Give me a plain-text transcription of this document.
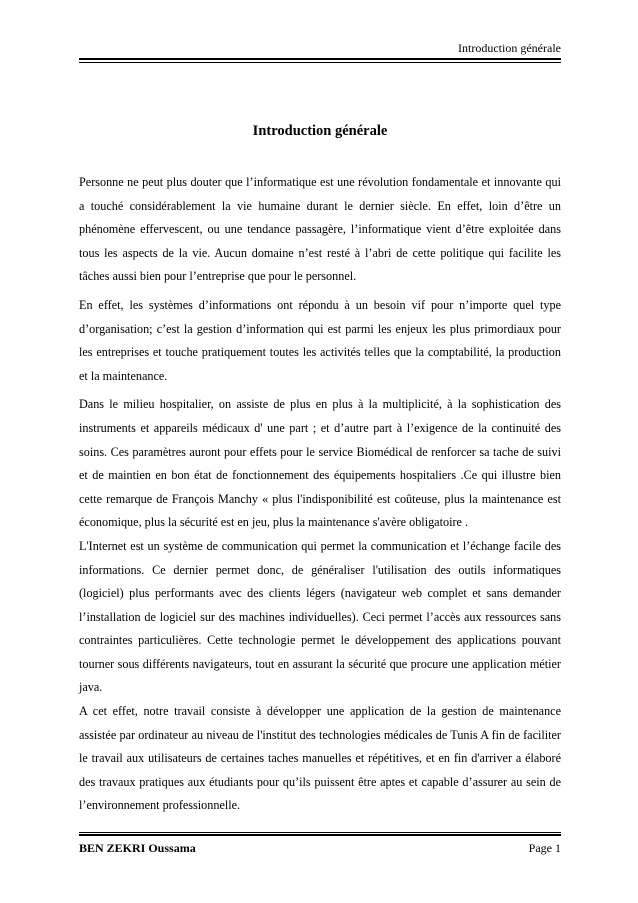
Introduction générale
Introduction générale

Personne ne peut plus douter que l’informatique est une révolution fondamentale et innovante qui a touché considérablement la vie humaine durant le dernier siècle. En effet, loin d’être un phénomène effervescent, ou une tendance passagère, l’informatique vient d’être exploitée dans tous les aspects de la vie. Aucun domaine n’est resté à l’abri de cette politique qui facilite les tâches aussi bien pour l’entreprise que pour le personnel.

En effet, les systèmes d’informations ont répondu à un besoin vif pour n’importe quel type d’organisation; c’est la gestion d’information qui est parmi les enjeux les plus primordiaux pour les entreprises et touche pratiquement toutes les activités telles que la comptabilité, la production et la maintenance.

Dans le milieu hospitalier, on assiste de plus en plus à la multiplicité, à la sophistication des instruments et appareils médicaux d' une part ; et d’autre part à l’exigence de la continuité des soins. Ces paramètres auront pour effets pour le service Biomédical de renforcer sa tache de suivi et de maintien en bon état de fonctionnement des équipements hospitaliers .Ce qui illustre bien cette remarque de François Manchy « plus l'indisponibilité est coûteuse, plus la maintenance est économique, plus la sécurité est en jeu, plus la maintenance s'avère obligatoire .

L'Internet est un système de communication qui permet la communication et l’échange facile des informations. Ce dernier permet donc, de généraliser l'utilisation des outils informatiques (logiciel) plus performants avec des clients légers (navigateur web complet et sans demander l’installation de logiciel sur des machines individuelles). Ceci permet l’accès aux ressources sans contraintes particulières. Cette technologie permet le développement des applications pouvant tourner sous différents navigateurs, tout en assurant la sécurité que procure une application métier java.

A cet effet, notre travail consiste à développer une application de la gestion de maintenance assistée par ordinateur au niveau de l'institut des technologies médicales de Tunis A fin de faciliter le travail aux utilisateurs de certaines taches manuelles et répétitives, et en fin d'arriver a élaboré des travaux pratiques aux étudiants pour qu’ils puissent être aptes et capable d’assurer au sein de l’environnement professionnelle.

BEN ZEKRI Oussama	Page 1
